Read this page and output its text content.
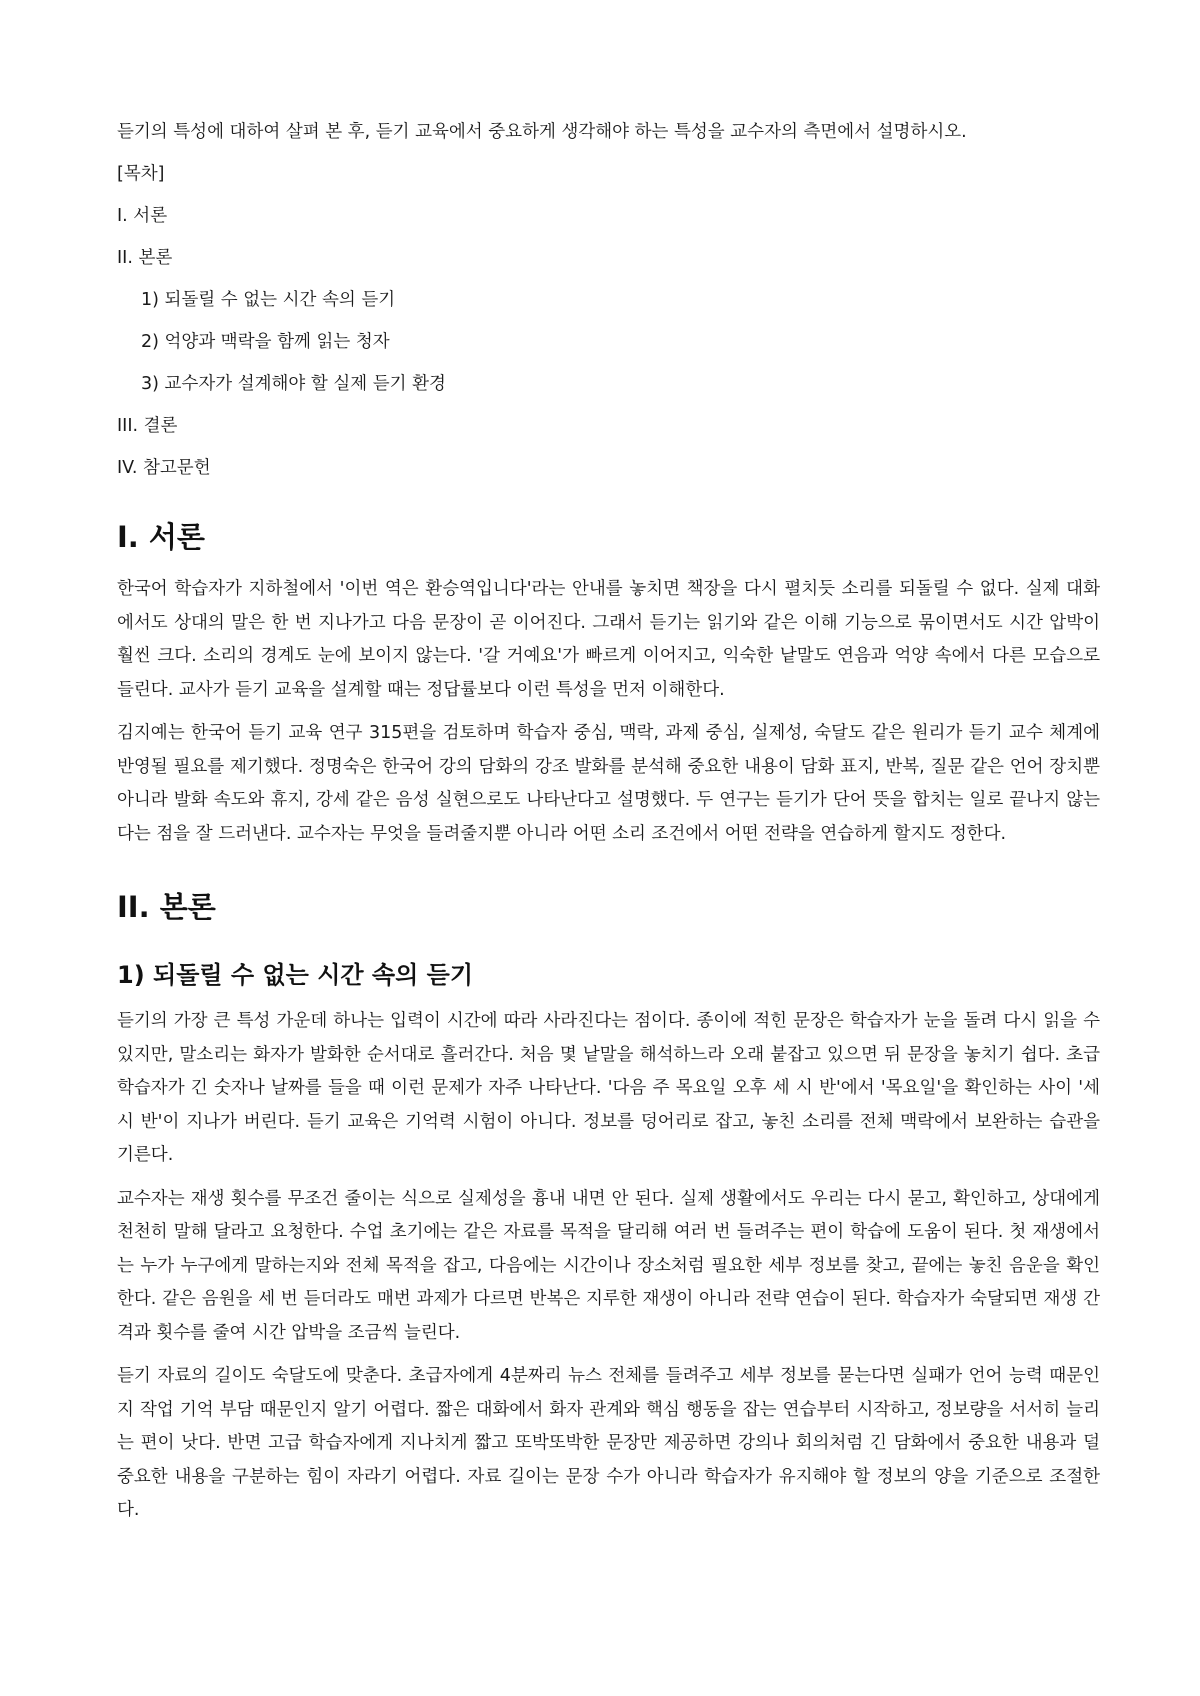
듣기의 특성에 대하여 살펴 본 후, 듣기 교육에서 중요하게 생각해야 하는 특성을 교수자의 측면에서 설명하시오.

[목차]
I. 서론
II. 본론
1) 되돌릴 수 없는 시간 속의 듣기
2) 억양과 맥락을 함께 읽는 청자
3) 교수자가 설계해야 할 실제 듣기 환경
III. 결론
IV. 참고문헌
I. 서론

한국어 학습자가 지하철에서 '이번 역은 환승역입니다'라는 안내를 놓치면 책장을 다시 펼치듯 소리를 되돌릴 수 없다. 실제 대화에서도 상대의 말은 한 번 지나가고 다음 문장이 곧 이어진다. 그래서 듣기는 읽기와 같은 이해 기능으로 묶이면서도 시간 압박이 훨씬 크다. 소리의 경계도 눈에 보이지 않는다. '갈 거예요'가 빠르게 이어지고, 익숙한 낱말도 연음과 억양 속에서 다른 모습으로 들린다. 교사가 듣기 교육을 설계할 때는 정답률보다 이런 특성을 먼저 이해한다.

김지예는 한국어 듣기 교육 연구 315편을 검토하며 학습자 중심, 맥락, 과제 중심, 실제성, 숙달도 같은 원리가 듣기 교수 체계에 반영될 필요를 제기했다. 정명숙은 한국어 강의 담화의 강조 발화를 분석해 중요한 내용이 담화 표지, 반복, 질문 같은 언어 장치뿐 아니라 발화 속도와 휴지, 강세 같은 음성 실현으로도 나타난다고 설명했다. 두 연구는 듣기가 단어 뜻을 합치는 일로 끝나지 않는다는 점을 잘 드러낸다. 교수자는 무엇을 들려줄지뿐 아니라 어떤 소리 조건에서 어떤 전략을 연습하게 할지도 정한다.

II. 본론
1) 되돌릴 수 없는 시간 속의 듣기

듣기의 가장 큰 특성 가운데 하나는 입력이 시간에 따라 사라진다는 점이다. 종이에 적힌 문장은 학습자가 눈을 돌려 다시 읽을 수 있지만, 말소리는 화자가 발화한 순서대로 흘러간다. 처음 몇 낱말을 해석하느라 오래 붙잡고 있으면 뒤 문장을 놓치기 쉽다. 초급 학습자가 긴 숫자나 날짜를 들을 때 이런 문제가 자주 나타난다. '다음 주 목요일 오후 세 시 반'에서 '목요일'을 확인하는 사이 '세 시 반'이 지나가 버린다. 듣기 교육은 기억력 시험이 아니다. 정보를 덩어리로 잡고, 놓친 소리를 전체 맥락에서 보완하는 습관을 기른다.

교수자는 재생 횟수를 무조건 줄이는 식으로 실제성을 흉내 내면 안 된다. 실제 생활에서도 우리는 다시 묻고, 확인하고, 상대에게 천천히 말해 달라고 요청한다. 수업 초기에는 같은 자료를 목적을 달리해 여러 번 들려주는 편이 학습에 도움이 된다. 첫 재생에서는 누가 누구에게 말하는지와 전체 목적을 잡고, 다음에는 시간이나 장소처럼 필요한 세부 정보를 찾고, 끝에는 놓친 음운을 확인한다. 같은 음원을 세 번 듣더라도 매번 과제가 다르면 반복은 지루한 재생이 아니라 전략 연습이 된다. 학습자가 숙달되면 재생 간격과 횟수를 줄여 시간 압박을 조금씩 늘린다.

듣기 자료의 길이도 숙달도에 맞춘다. 초급자에게 4분짜리 뉴스 전체를 들려주고 세부 정보를 묻는다면 실패가 언어 능력 때문인지 작업 기억 부담 때문인지 알기 어렵다. 짧은 대화에서 화자 관계와 핵심 행동을 잡는 연습부터 시작하고, 정보량을 서서히 늘리는 편이 낫다. 반면 고급 학습자에게 지나치게 짧고 또박또박한 문장만 제공하면 강의나 회의처럼 긴 담화에서 중요한 내용과 덜 중요한 내용을 구분하는 힘이 자라기 어렵다. 자료 길이는 문장 수가 아니라 학습자가 유지해야 할 정보의 양을 기준으로 조절한다.
